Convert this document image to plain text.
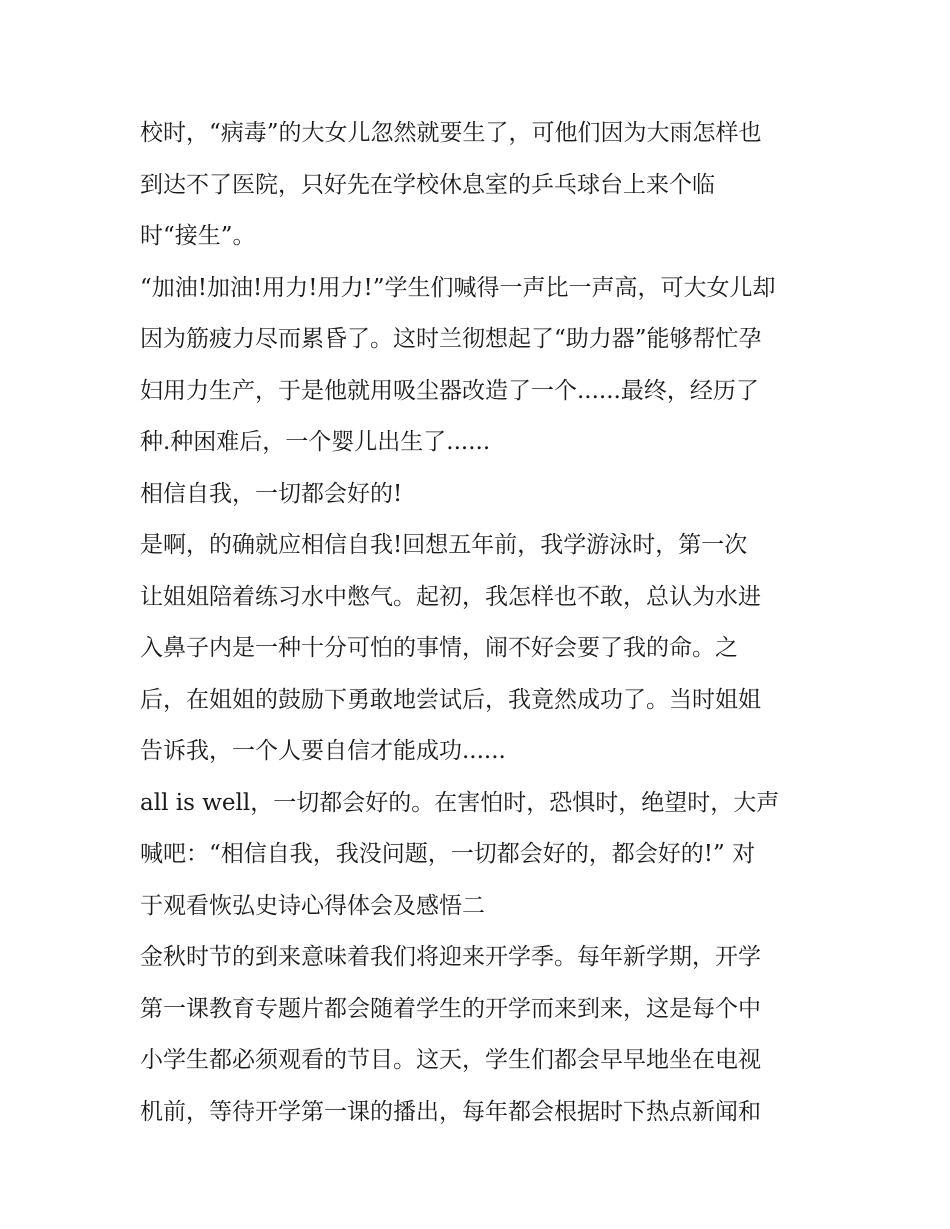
校时，“病毒”的大女儿忽然就要生了，可他们因为大雨怎样也
到达不了医院，只好先在学校休息室的乒乓球台上来个临
时“接生”。
“加油!加油!用力!用力!”学生们喊得一声比一声高，可大女儿却
因为筋疲力尽而累昏了。这时兰彻想起了“助力器”能够帮忙孕
妇用力生产，于是他就用吸尘器改造了一个......最终，经历了
种.种困难后，一个婴儿出生了......
相信自我，一切都会好的!
是啊，的确就应相信自我!回想五年前，我学游泳时，第一次
让姐姐陪着练习水中憋气。起初，我怎样也不敢，总认为水进
入鼻子内是一种十分可怕的事情，闹不好会要了我的命。之
后，在姐姐的鼓励下勇敢地尝试后，我竟然成功了。当时姐姐
告诉我，一个人要自信才能成功......
all is well，一切都会好的。在害怕时，恐惧时，绝望时，大声
喊吧：“相信自我，我没问题，一切都会好的，都会好的!” 对
于观看恢弘史诗心得体会及感悟二
金秋时节的到来意味着我们将迎来开学季。每年新学期，开学
第一课教育专题片都会随着学生的开学而来到来，这是每个中
小学生都必须观看的节目。这天，学生们都会早早地坐在电视
机前，等待开学第一课的播出，每年都会根据时下热点新闻和
